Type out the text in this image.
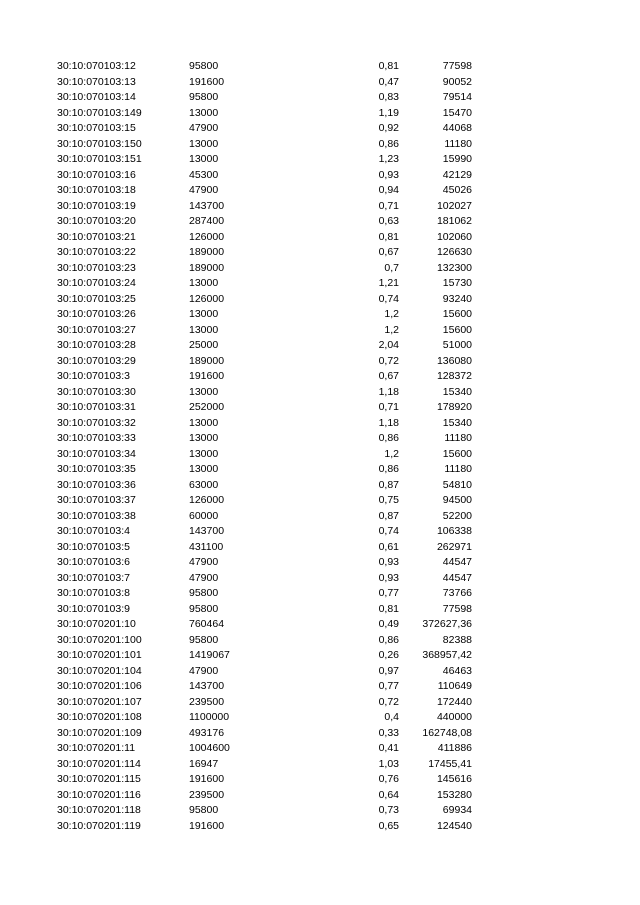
30:10:070103:12	95800	0,81	77598
30:10:070103:13	191600	0,47	90052
30:10:070103:14	95800	0,83	79514
30:10:070103:149	13000	1,19	15470
30:10:070103:15	47900	0,92	44068
30:10:070103:150	13000	0,86	11180
30:10:070103:151	13000	1,23	15990
30:10:070103:16	45300	0,93	42129
30:10:070103:18	47900	0,94	45026
30:10:070103:19	143700	0,71	102027
30:10:070103:20	287400	0,63	181062
30:10:070103:21	126000	0,81	102060
30:10:070103:22	189000	0,67	126630
30:10:070103:23	189000	0,7	132300
30:10:070103:24	13000	1,21	15730
30:10:070103:25	126000	0,74	93240
30:10:070103:26	13000	1,2	15600
30:10:070103:27	13000	1,2	15600
30:10:070103:28	25000	2,04	51000
30:10:070103:29	189000	0,72	136080
30:10:070103:3	191600	0,67	128372
30:10:070103:30	13000	1,18	15340
30:10:070103:31	252000	0,71	178920
30:10:070103:32	13000	1,18	15340
30:10:070103:33	13000	0,86	11180
30:10:070103:34	13000	1,2	15600
30:10:070103:35	13000	0,86	11180
30:10:070103:36	63000	0,87	54810
30:10:070103:37	126000	0,75	94500
30:10:070103:38	60000	0,87	52200
30:10:070103:4	143700	0,74	106338
30:10:070103:5	431100	0,61	262971
30:10:070103:6	47900	0,93	44547
30:10:070103:7	47900	0,93	44547
30:10:070103:8	95800	0,77	73766
30:10:070103:9	95800	0,81	77598
30:10:070201:10	760464	0,49	372627,36
30:10:070201:100	95800	0,86	82388
30:10:070201:101	1419067	0,26	368957,42
30:10:070201:104	47900	0,97	46463
30:10:070201:106	143700	0,77	110649
30:10:070201:107	239500	0,72	172440
30:10:070201:108	1100000	0,4	440000
30:10:070201:109	493176	0,33	162748,08
30:10:070201:11	1004600	0,41	411886
30:10:070201:114	16947	1,03	17455,41
30:10:070201:115	191600	0,76	145616
30:10:070201:116	239500	0,64	153280
30:10:070201:118	95800	0,73	69934
30:10:070201:119	191600	0,65	124540
